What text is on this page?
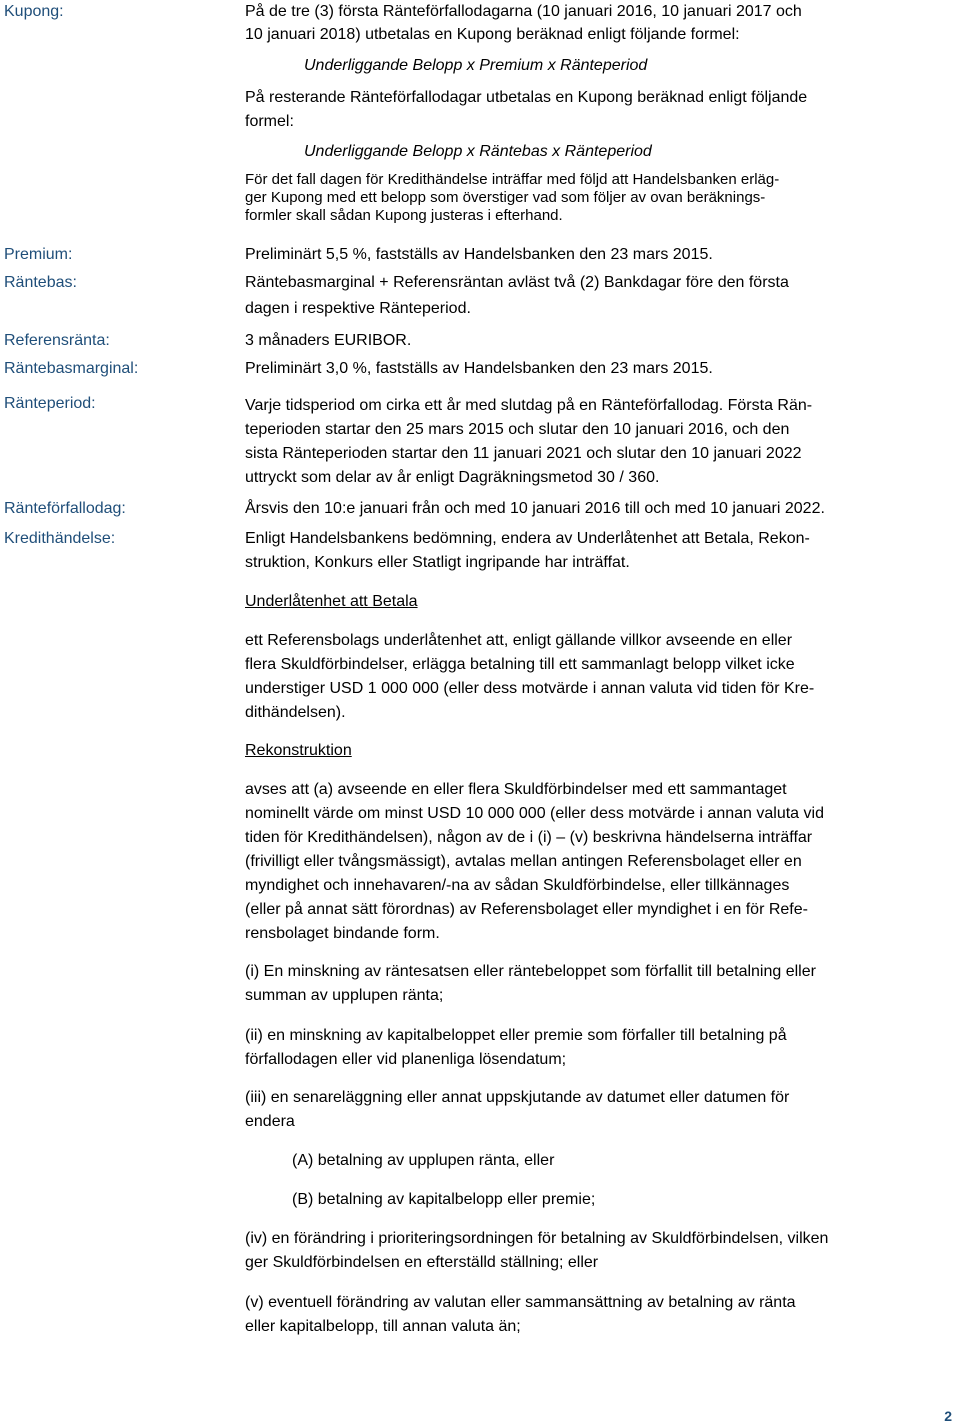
Kupong:

Premium:

Räntebas:

Referensränta:

Räntebasmarginal:

Ränteperiod:

Ränteförfallodag:

Kredithändelse:

På de tre (3) första Ränteförfallodagarna (10 januari 2016, 10 januari 2017 och

10 januari 2018) utbetalas en Kupong beräknad enligt följande formel:

Underliggande Belopp x Premium x Ränteperiod

På resterande Ränteförfallodagar utbetalas en Kupong beräknad enligt följande

formel:

Underliggande Belopp x Räntebas x Ränteperiod

För det fall dagen för Kredithändelse inträffar med följd att Handelsbanken erläg-

ger Kupong med ett belopp som överstiger vad som följer av ovan beräknings-

formler skall sådan Kupong justeras i efterhand.

Preliminärt 5,5 %, fastställs av Handelsbanken den 23 mars 2015.

Räntebasmarginal + Referensräntan avläst två (2) Bankdagar före den första

dagen i respektive Ränteperiod.

3 månaders EURIBOR.

Preliminärt 3,0 %, fastställs av Handelsbanken den 23 mars 2015.

Varje tidsperiod om cirka ett år med slutdag på en Ränteförfallodag. Första Rän-

teperioden startar den 25 mars 2015 och slutar den 10 januari 2016, och den

sista Ränteperioden startar den 11 januari 2021 och slutar den 10 januari 2022

uttryckt som delar av år enligt Dagräkningsmetod 30 / 360.

Årsvis den 10:e januari från och med 10 januari 2016 till och med 10 januari 2022.

Enligt Handelsbankens bedömning, endera av Underlåtenhet att Betala, Rekon-

struktion, Konkurs eller Statligt ingripande har inträffat.

Underlåtenhet att Betala

ett Referensbolags underlåtenhet att, enligt gällande villkor avseende en eller

flera Skuldförbindelser, erlägga betalning till ett sammanlagt belopp vilket icke

understiger USD 1 000 000 (eller dess motvärde i annan valuta vid tiden för Kre-

dithändelsen).

Rekonstruktion

avses att (a) avseende en eller flera Skuldförbindelser med ett sammantaget

nominellt värde om minst USD 10 000 000 (eller dess motvärde i annan valuta vid

tiden för Kredithändelsen), någon av de i (i) – (v) beskrivna händelserna inträffar

(frivilligt eller tvångsmässigt), avtalas mellan antingen Referensbolaget eller en

myndighet och innehavaren/-na av sådan Skuldförbindelse, eller tillkännages

(eller på annat sätt förordnas) av Referensbolaget eller myndighet i en för Refe-

rensbolaget bindande form.

(i) En minskning av räntesatsen eller räntebeloppet som förfallit till betalning eller

summan av upplupen ränta;

(ii) en minskning av kapitalbeloppet eller premie som förfaller till betalning på

förfallodagen eller vid planenliga lösendatum;

(iii) en senareläggning eller annat uppskjutande av datumet eller datumen för

endera

(A) betalning av upplupen ränta, eller

(B) betalning av kapitalbelopp eller premie;

(iv) en förändring i prioriteringsordningen för betalning av Skuldförbindelsen, vilken

ger Skuldförbindelsen en efterställd ställning; eller

(v) eventuell förändring av valutan eller sammansättning av betalning av ränta

eller kapitalbelopp, till annan valuta än;

2
